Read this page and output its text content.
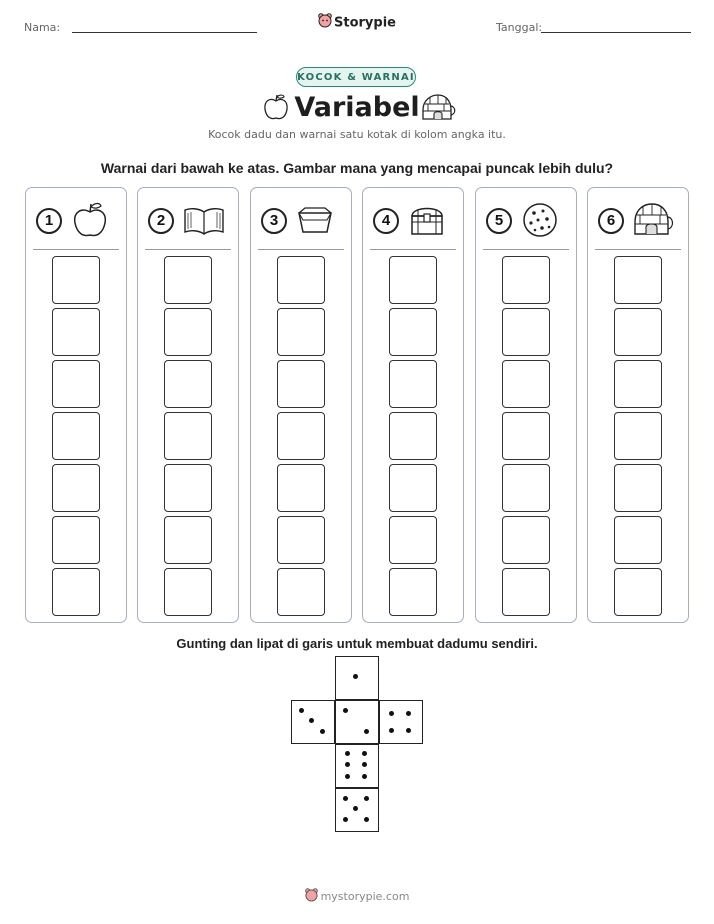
Nama:	Storypie	Tanggal:
KOCOK & WARNAI
Variabel
Kocok dadu dan warnai satu kotak di kolom angka itu.
Warnai dari bawah ke atas. Gambar mana yang mencapai puncak lebih dulu?
1	2	3	4	5	6
Gunting dan lipat di garis untuk membuat dadumu sendiri.
mystorypie.com
